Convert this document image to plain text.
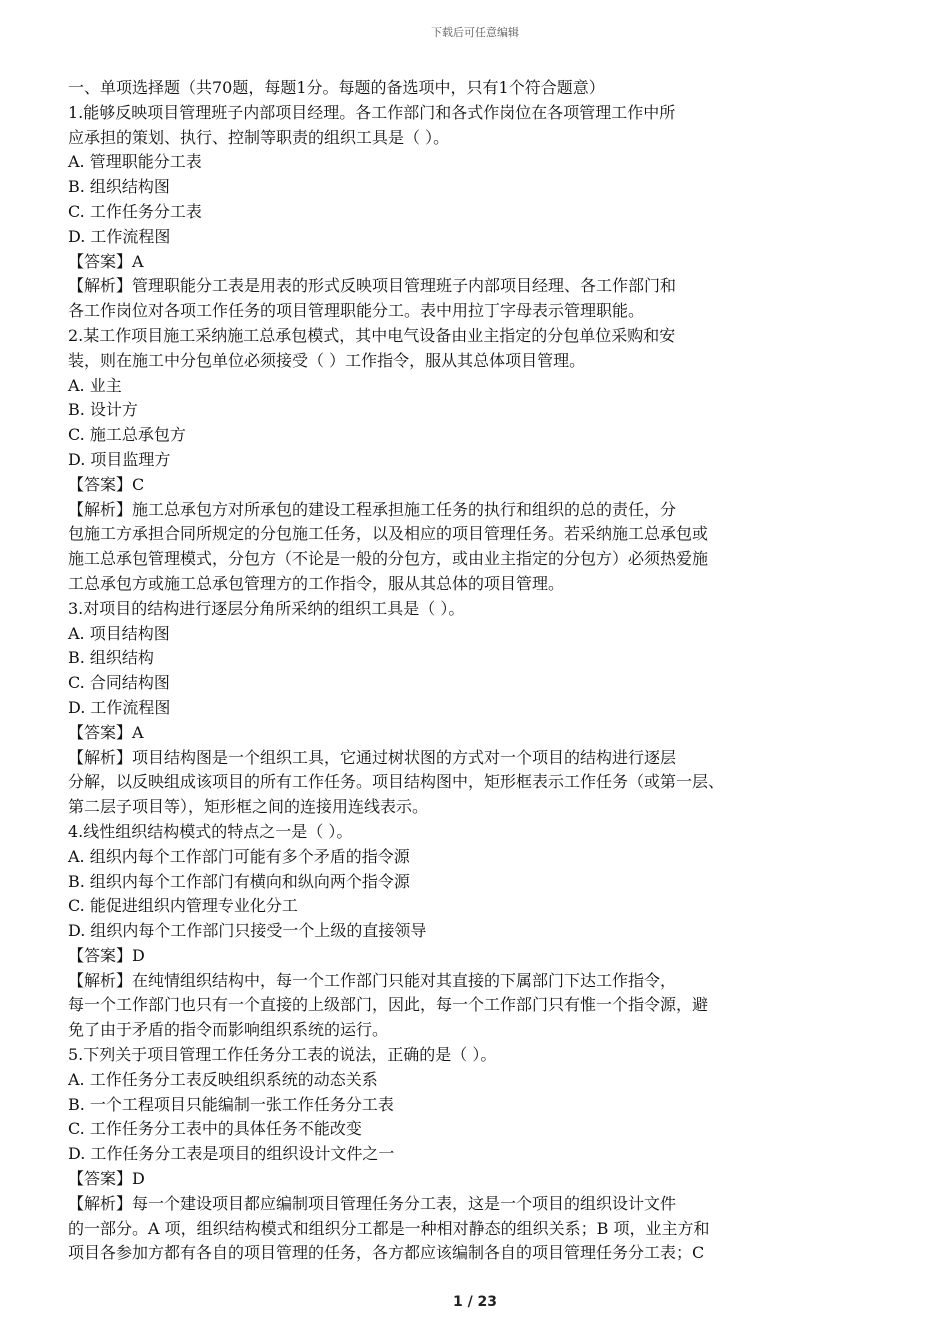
下载后可任意编辑
一、单项选择题（共70题，每题1分。每题的备选项中，只有1个符合题意）
1.能够反映项目管理班子内部项目经理。各工作部门和各式作岗位在各项管理工作中所
应承担的策划、执行、控制等职责的组织工具是（ ）。
A. 管理职能分工表
B. 组织结构图
C. 工作任务分工表
D. 工作流程图
【答案】A
【解析】管理职能分工表是用表的形式反映项目管理班子内部项目经理、各工作部门和
各工作岗位对各项工作任务的项目管理职能分工。表中用拉丁字母表示管理职能。
2.某工作项目施工采纳施工总承包模式，其中电气设备由业主指定的分包单位采购和安
装，则在施工中分包单位必须接受（ ）工作指令，服从其总体项目管理。
A. 业主
B. 设计方
C. 施工总承包方
D. 项目监理方
【答案】C
【解析】施工总承包方对所承包的建设工程承担施工任务的执行和组织的总的责任，分
包施工方承担合同所规定的分包施工任务，以及相应的项目管理任务。若采纳施工总承包或
施工总承包管理模式，分包方（不论是一般的分包方，或由业主指定的分包方）必须热爱施
工总承包方或施工总承包管理方的工作指令，服从其总体的项目管理。
3.对项目的结构进行逐层分角所采纳的组织工具是（ ）。
A. 项目结构图
B. 组织结构
C. 合同结构图
D. 工作流程图
【答案】A
【解析】项目结构图是一个组织工具，它通过树状图的方式对一个项目的结构进行逐层
分解，以反映组成该项目的所有工作任务。项目结构图中，矩形框表示工作任务（或第一层、
第二层子项目等），矩形框之间的连接用连线表示。
4.线性组织结构模式的特点之一是（ ）。
A. 组织内每个工作部门可能有多个矛盾的指令源
B. 组织内每个工作部门有横向和纵向两个指令源
C. 能促进组织内管理专业化分工
D. 组织内每个工作部门只接受一个上级的直接领导
【答案】D
【解析】在纯情组织结构中，每一个工作部门只能对其直接的下属部门下达工作指令，
每一个工作部门也只有一个直接的上级部门，因此，每一个工作部门只有惟一个指令源，避
免了由于矛盾的指令而影响组织系统的运行。
5.下列关于项目管理工作任务分工表的说法，正确的是（ ）。
A. 工作任务分工表反映组织系统的动态关系
B. 一个工程项目只能编制一张工作任务分工表
C. 工作任务分工表中的具体任务不能改变
D. 工作任务分工表是项目的组织设计文件之一
【答案】D
【解析】每一个建设项目都应编制项目管理任务分工表，这是一个项目的组织设计文件
的一部分。A 项，组织结构模式和组织分工都是一种相对静态的组织关系；B 项，业主方和
项目各参加方都有各自的项目管理的任务，各方都应该编制各自的项目管理任务分工表；C
1 / 23
